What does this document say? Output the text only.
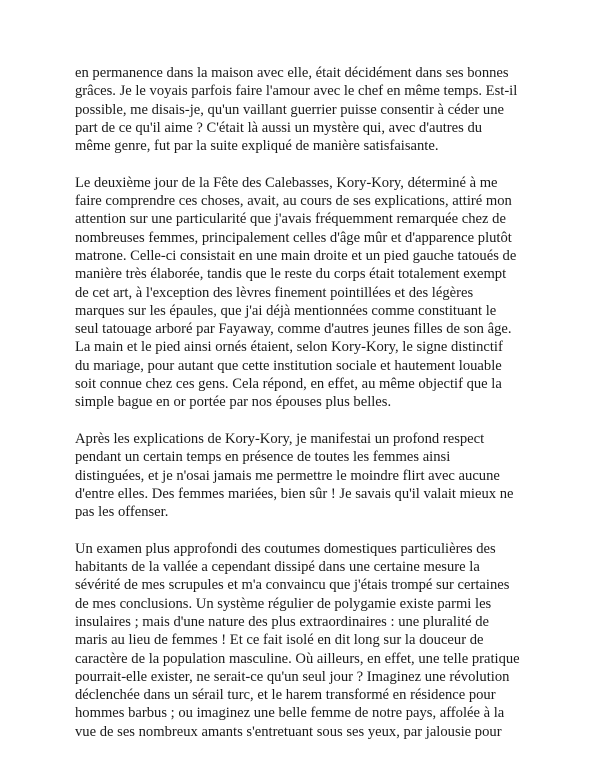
en permanence dans la maison avec elle, était décidément dans ses bonnes
grâces. Je le voyais parfois faire l'amour avec le chef en même temps. Est-il
possible, me disais-je, qu'un vaillant guerrier puisse consentir à céder une
part de ce qu'il aime ? C'était là aussi un mystère qui, avec d'autres du
même genre, fut par la suite expliqué de manière satisfaisante.

Le deuxième jour de la Fête des Calebasses, Kory-Kory, déterminé à me
faire comprendre ces choses, avait, au cours de ses explications, attiré mon
attention sur une particularité que j'avais fréquemment remarquée chez de
nombreuses femmes, principalement celles d'âge mûr et d'apparence plutôt
matrone. Celle-ci consistait en une main droite et un pied gauche tatoués de
manière très élaborée, tandis que le reste du corps était totalement exempt
de cet art, à l'exception des lèvres finement pointillées et des légères
marques sur les épaules, que j'ai déjà mentionnées comme constituant le
seul tatouage arboré par Fayaway, comme d'autres jeunes filles de son âge.
La main et le pied ainsi ornés étaient, selon Kory-Kory, le signe distinctif
du mariage, pour autant que cette institution sociale et hautement louable
soit connue chez ces gens. Cela répond, en effet, au même objectif que la
simple bague en or portée par nos épouses plus belles.

Après les explications de Kory-Kory, je manifestai un profond respect
pendant un certain temps en présence de toutes les femmes ainsi
distinguées, et je n'osai jamais me permettre le moindre flirt avec aucune
d'entre elles. Des femmes mariées, bien sûr ! Je savais qu'il valait mieux ne
pas les offenser.

Un examen plus approfondi des coutumes domestiques particulières des
habitants de la vallée a cependant dissipé dans une certaine mesure la
sévérité de mes scrupules et m'a convaincu que j'étais trompé sur certaines
de mes conclusions. Un système régulier de polygamie existe parmi les
insulaires ; mais d'une nature des plus extraordinaires : une pluralité de
maris au lieu de femmes ! Et ce fait isolé en dit long sur la douceur de
caractère de la population masculine. Où ailleurs, en effet, une telle pratique
pourrait-elle exister, ne serait-ce qu'un seul jour ? Imaginez une révolution
déclenchée dans un sérail turc, et le harem transformé en résidence pour
hommes barbus ; ou imaginez une belle femme de notre pays, affolée à la
vue de ses nombreux amants s'entretuant sous ses yeux, par jalousie pour
